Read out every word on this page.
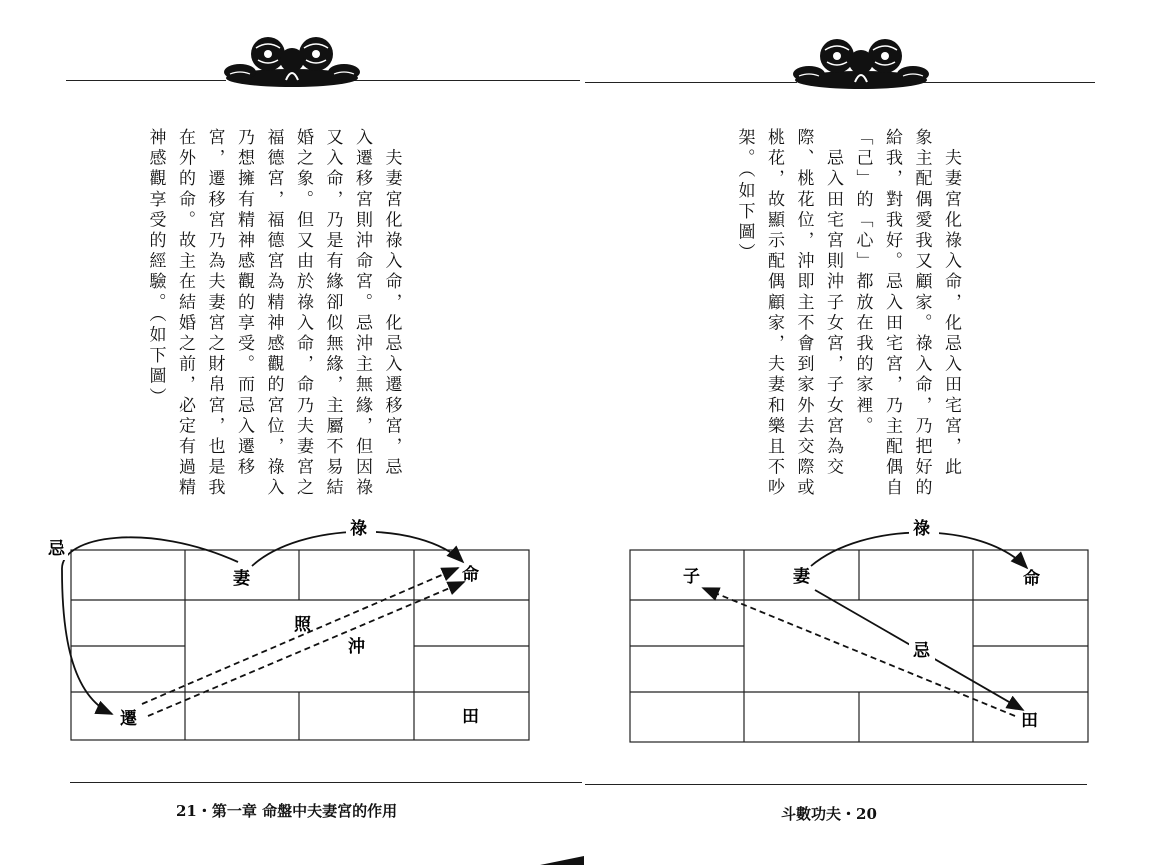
　夫妻宮化祿入命，化忌入遷移宮，忌
入遷移宮則沖命宮。忌沖主無緣，但因祿
又入命，乃是有緣卻似無緣，主屬不易結
婚之象。但又由於祿入命，命乃夫妻宮之
福德宮，福德宮為精神感觀的宮位，祿入
乃想擁有精神感觀的享受。而忌入遷移
宮，遷移宮乃為夫妻宮之財帛宮，也是我
在外的命。故主在結婚之前，必定有過精
神感觀享受的經驗。（如下圖）
忌
祿
妻	命
照
沖
遷	田
21・第一章 命盤中夫妻宮的作用
　夫妻宮化祿入命，化忌入田宅宮，此
象主配偶愛我又顧家。祿入命，乃把好的
給我，對我好。忌入田宅宮，乃主配偶自
「己」的「心」都放在我的家裡。
　忌入田宅宮則沖子女宮，子女宮為交
際、桃花位，沖即主不會到家外去交際或
桃花，故顯示配偶顧家，夫妻和樂且不吵
架。（如下圖）
祿
子	妻	命
忌
田
斗數功夫・20
